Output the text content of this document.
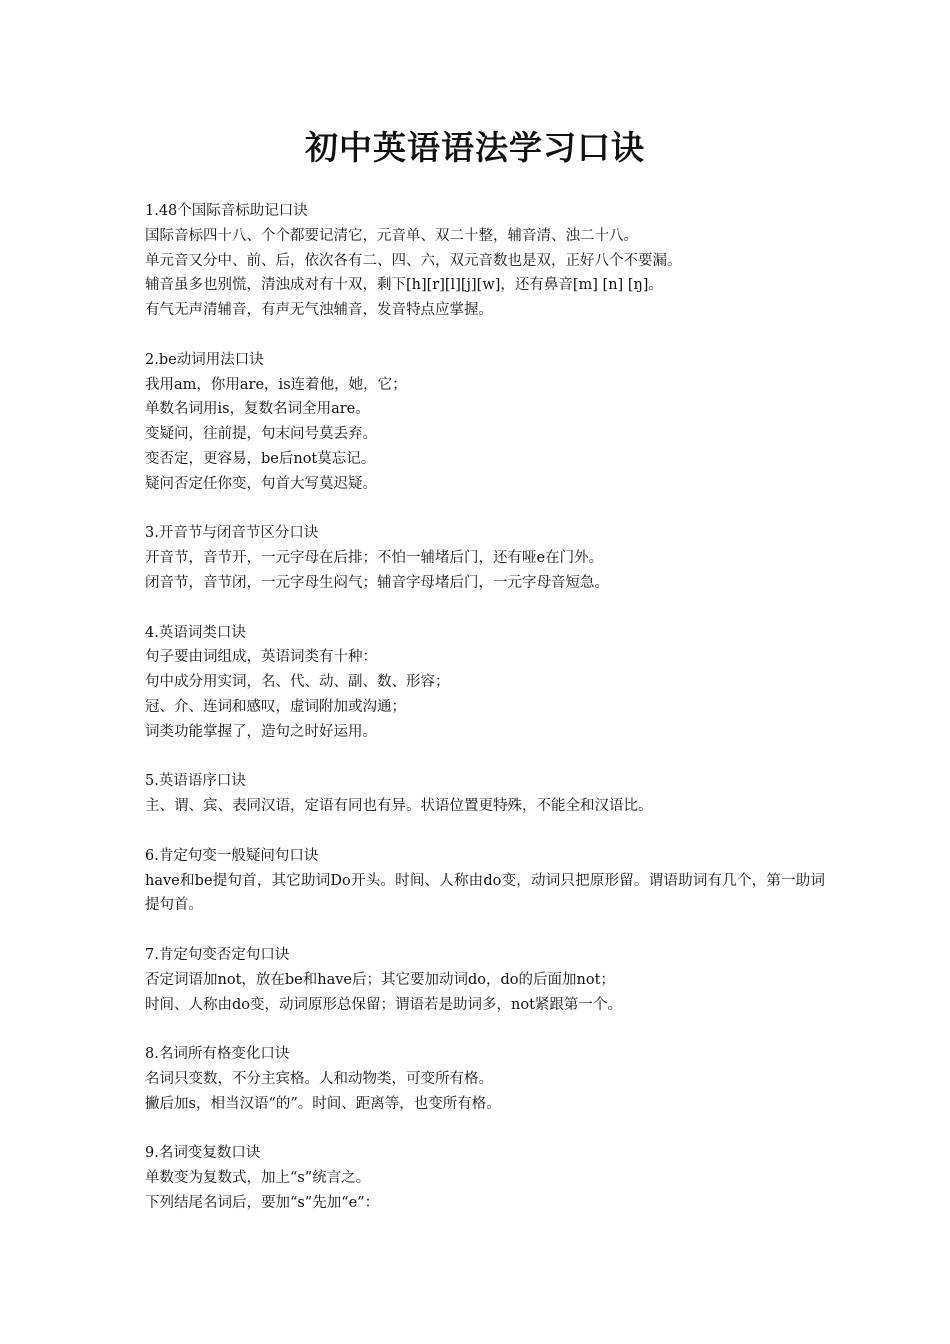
初中英语语法学习口诀
1.48个国际音标助记口诀
国际音标四十八、个个都要记清它，元音单、双二十整，辅音清、浊二十八。
单元音又分中、前、后，依次各有二、四、六，双元音数也是双，正好八个不要漏。
辅音虽多也别慌，清浊成对有十双，剩下[h][r][l][j][w]，还有鼻音[m] [n] [ŋ]。
有气无声清辅音，有声无气浊辅音，发音特点应掌握。
2.be动词用法口诀
我用am，你用are，is连着他，她，它；
单数名词用is，复数名词全用are。
变疑问，往前提，句末问号莫丢弃。
变否定，更容易，be后not莫忘记。
疑问否定任你变，句首大写莫迟疑。
3.开音节与闭音节区分口诀
开音节，音节开，一元字母在后排；不怕一辅堵后门，还有哑e在门外。
闭音节，音节闭，一元字母生闷气；辅音字母堵后门，一元字母音短急。
4.英语词类口诀
句子要由词组成，英语词类有十种：
句中成分用实词，名、代、动、副、数、形容；
冠、介、连词和感叹，虚词附加或沟通；
词类功能掌握了，造句之时好运用。
5.英语语序口诀
主、谓、宾、表同汉语，定语有同也有异。状语位置更特殊，不能全和汉语比。
6.肯定句变一般疑问句口诀
have和be提句首，其它助词Do开头。时间、人称由do变，动词只把原形留。谓语助词有几个，第一助词提句首。
7.肯定句变否定句口诀
否定词语加not，放在be和have后；其它要加动词do，do的后面加not；
时间、人称由do变，动词原形总保留；谓语若是助词多，not紧跟第一个。
8.名词所有格变化口诀
名词只变数，不分主宾格。人和动物类，可变所有格。
撇后加s，相当汉语“的”。时间、距离等，也变所有格。
9.名词变复数口诀
单数变为复数式，加上“s”统言之。
下列结尾名词后，要加“s”先加“e”：
